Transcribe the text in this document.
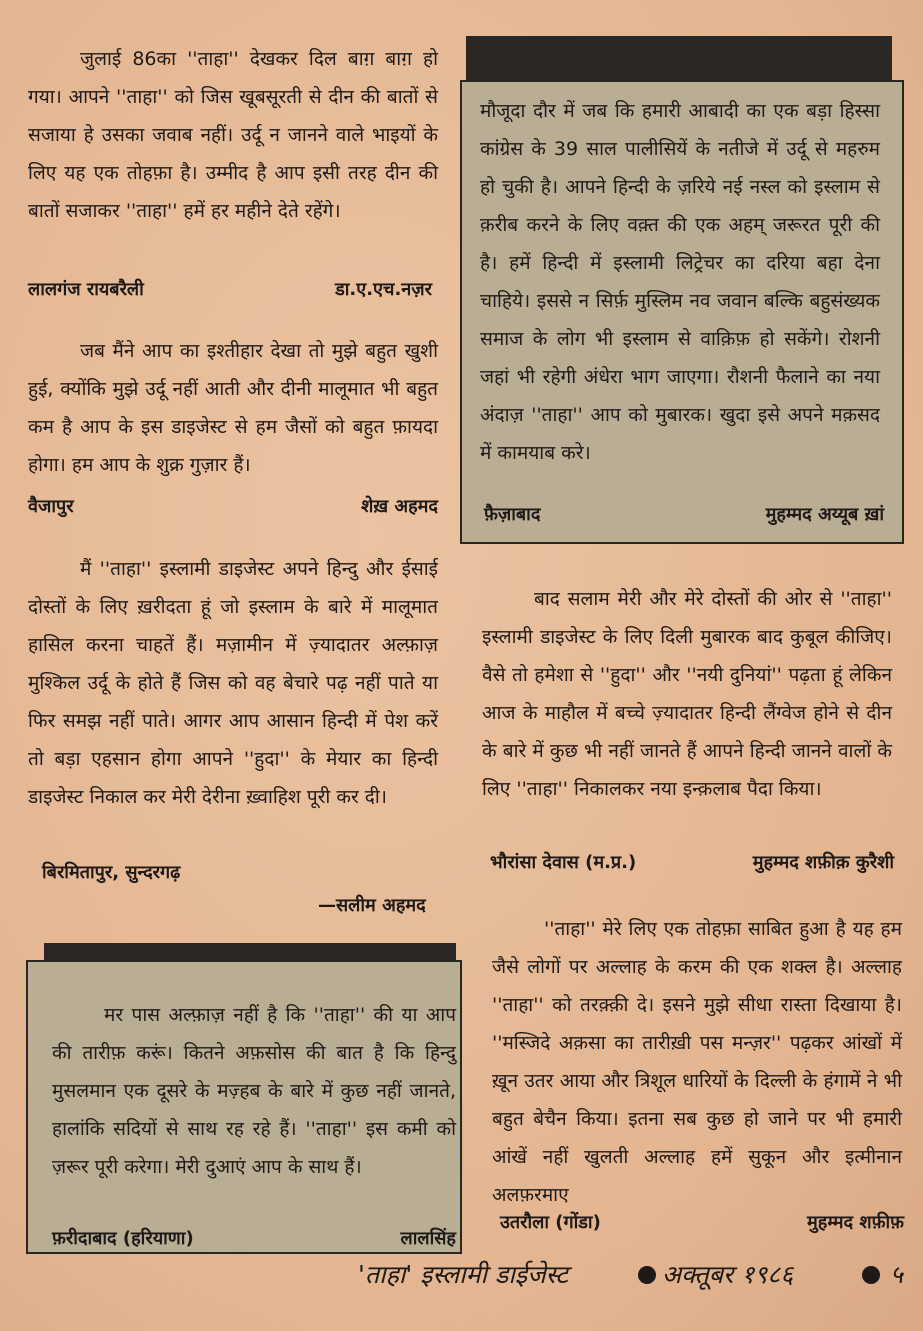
जुलाई 86का ''ताहा'' देखकर दिल बाग़ बाग़ हो गया। आपने ''ताहा'' को जिस खूबसूरती से दीन की बातों से सजाया हे उसका जवाब नहीं। उर्दू न जानने वाले भाइयों के लिए यह एक तोहफ़ा है। उम्मीद है आप इसी तरह दीन की बातों सजाकर ''ताहा'' हमें हर महीने देते रहेंगे।

लालगंज रायबरैली	डा.ए.एच.नज़र

जब मैंने आप का इश्तीहार देखा तो मुझे बहुत खुशी हुई, क्योंकि मुझे उर्दू नहीं आती और दीनी मालूमात भी बहुत कम है आप के इस डाइजेस्ट से हम जैसों को बहुत फ़ायदा होगा। हम आप के शुक्र गुज़ार हैं।

वैजापुर	शेख़ अहमद

मैं ''ताहा'' इस्लामी डाइजेस्ट अपने हिन्दु और ईसाई दोस्तों के लिए ख़रीदता हूं जो इस्लाम के बारे में मालूमात हासिल करना चाहतें हैं। मज़ामीन में ज़्यादातर अल्फ़ाज़ मुश्किल उर्दू के होते हैं जिस को वह बेचारे पढ़ नहीं पाते या फिर समझ नहीं पाते। आगर आप आसान हिन्दी में पेश करें तो बड़ा एहसान होगा आपने ''हुदा'' के मेयार का हिन्दी डाइजेस्ट निकाल कर मेरी देरीना ख़्वाहिश पूरी कर दी।

बिरमितापुर, सुन्दरगढ़
—सलीम अहमद

मर पास अल्फ़ाज़ नहीं है कि ''ताहा'' की या आप की तारीफ़ करूं। कितने अफ़सोस की बात है कि हिन्दु मुसलमान एक दूसरे के मज़्हब के बारे में कुछ नहीं जानते, हालांकि सदियों से साथ रह रहे हैं। ''ताहा'' इस कमी को ज़रूर पूरी करेगा। मेरी दुआएं आप के साथ हैं।

फ़रीदाबाद (हरियाणा)	लालसिंह

मौजूदा दौर में जब कि हमारी आबादी का एक बड़ा हिस्सा कांग्रेस के 39 साल पालीसियें के नतीजे में उर्दू से महरुम हो चुकी है। आपने हिन्दी के ज़रिये नई नस्ल को इस्लाम से क़रीब करने के लिए वक़्त की एक अहम् जरूरत पूरी की है। हमें हिन्दी में इस्लामी लिट्रेचर का दरिया बहा देना चाहिये। इससे न सिर्फ़ मुस्लिम नव जवान बल्कि बहुसंख्यक समाज के लोग भी इस्लाम से वाक़िफ़ हो सकेंगे। रोशनी जहां भी रहेगी अंधेरा भाग जाएगा। रौशनी फैलाने का नया अंदाज़ ''ताहा'' आप को मुबारक। खुदा इसे अपने मक़सद में कामयाब करे।

फ़ैज़ाबाद	मुहम्मद अय्यूब ख़ां

बाद सलाम मेरी और मेरे दोस्तों की ओर से ''ताहा'' इस्लामी डाइजेस्ट के लिए दिली मुबारक बाद कुबूल कीजिए। वैसे तो हमेशा से ''हुदा'' और ''नयी दुनियां'' पढ़ता हूं लेकिन आज के माहौल में बच्चे ज़्यादातर हिन्दी लैंग्वेज होने से दीन के बारे में कुछ भी नहीं जानते हैं आपने हिन्दी जानने वालों के लिए ''ताहा'' निकालकर नया इन्क़लाब पैदा किया।

भौरांसा देवास (म.प्र.)	मुहम्मद शफ़ीक़ कुरैशी

''ताहा'' मेरे लिए एक तोहफ़ा साबित हुआ है यह हम जैसे लोगों पर अल्लाह के करम की एक शक्ल है। अल्लाह ''ताहा'' को तरक़्क़ी दे। इसने मुझे सीधा रास्ता दिखाया है। ''मस्जिदे अक़सा का तारीख़ी पस मन्ज़र'' पढ़कर आंखों में ख़ून उतर आया और त्रिशूल धारियों के दिल्ली के हंगामें ने भी बहुत बेचैन किया। इतना सब कुछ हो जाने पर भी हमारी आंखें नहीं खुलती अल्लाह हमें सुकून और इत्मीनान अलफ़रमाए

उतरौला (गोंडा)	मुहम्मद शफ़ीफ़
'ताहा' इस्लामी डाईजेस्ट	अक्तूबर १९८६	५
